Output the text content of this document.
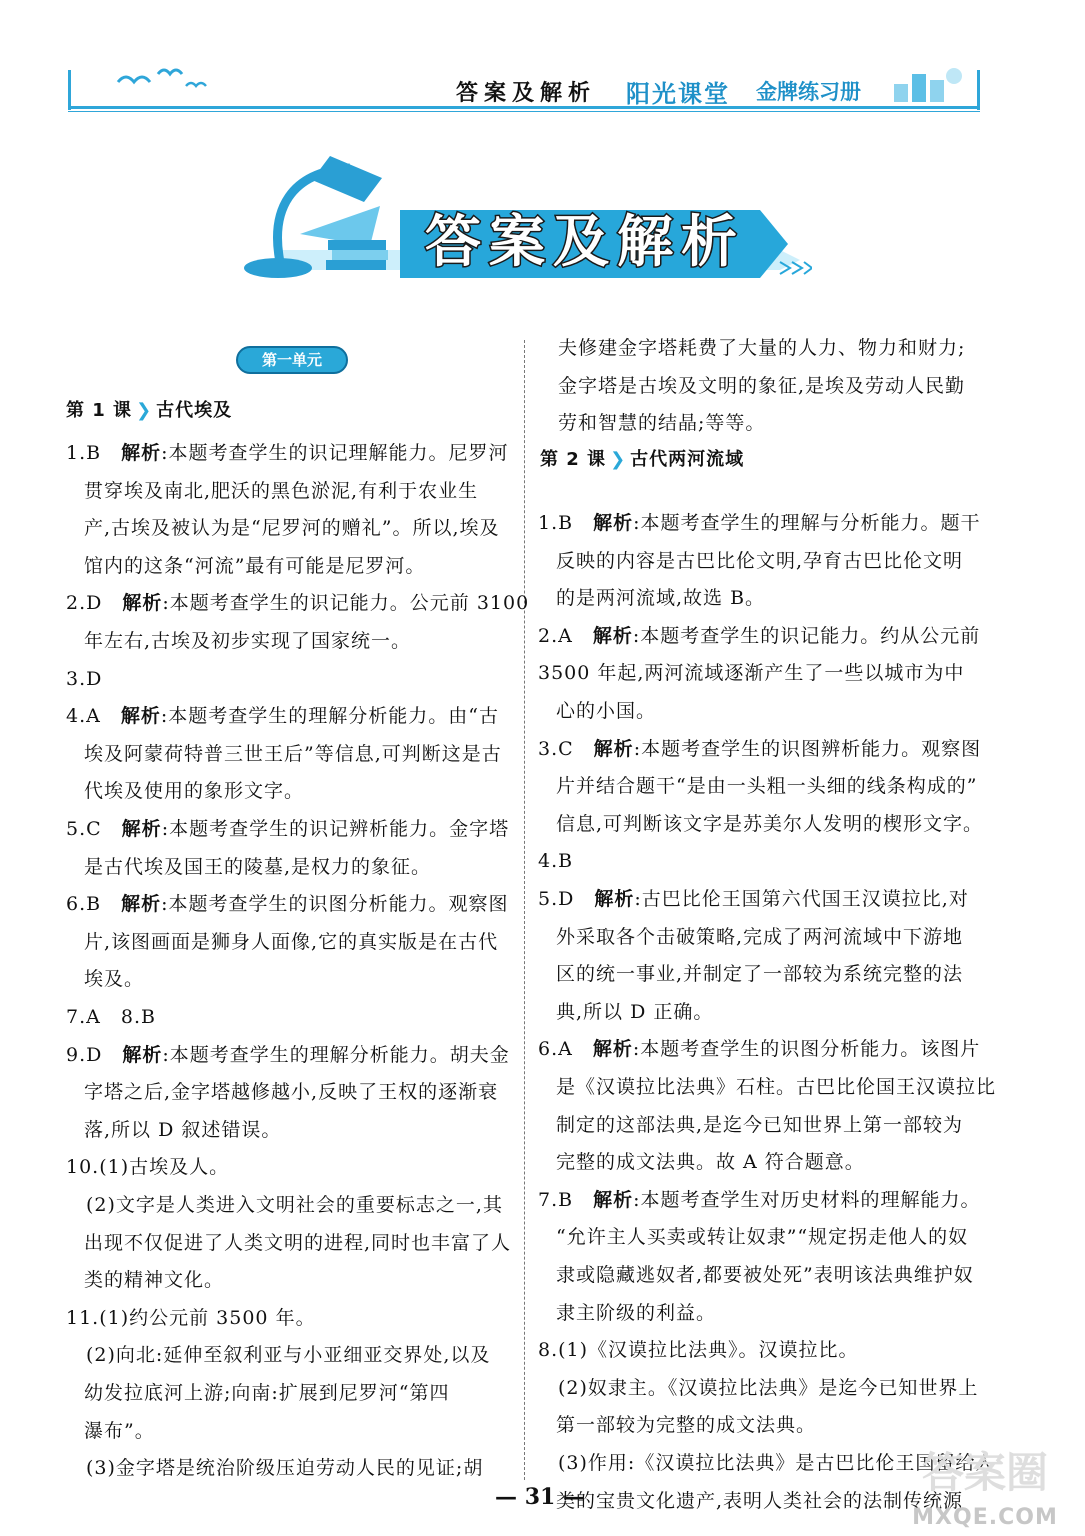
答案及解析 阳光课堂 金牌练习册
答案及解析
第一单元
第 1 课 ❯ 古代埃及
1.B　解析:本题考查学生的识记理解能力。尼罗河
贯穿埃及南北,肥沃的黑色淤泥,有利于农业生
产,古埃及被认为是“尼罗河的赠礼”。所以,埃及
馆内的这条“河流”最有可能是尼罗河。
2.D　解析:本题考查学生的识记能力。公元前 3100
年左右,古埃及初步实现了国家统一。
3.D
4.A　解析:本题考查学生的理解分析能力。由“古
埃及阿蒙荷特普三世王后”等信息,可判断这是古
代埃及使用的象形文字。
5.C　解析:本题考查学生的识记辨析能力。金字塔
是古代埃及国王的陵墓,是权力的象征。
6.B　解析:本题考查学生的识图分析能力。观察图
片,该图画面是狮身人面像,它的真实版是在古代
埃及。
7.A　8.B
9.D　解析:本题考查学生的理解分析能力。胡夫金
字塔之后,金字塔越修越小,反映了王权的逐渐衰
落,所以 D 叙述错误。
10.(1)古埃及人。
　(2)文字是人类进入文明社会的重要标志之一,其
出现不仅促进了人类文明的进程,同时也丰富了人
类的精神文化。
11.(1)约公元前 3500 年。
　(2)向北:延伸至叙利亚与小亚细亚交界处,以及
幼发拉底河上游;向南:扩展到尼罗河“第四
瀑布”。
　(3)金字塔是统治阶级压迫劳动人民的见证;胡
夫修建金字塔耗费了大量的人力、物力和财力;
金字塔是古埃及文明的象征,是埃及劳动人民勤
劳和智慧的结晶;等等。
第 2 课 ❯ 古代两河流域
1.B　解析:本题考查学生的理解与分析能力。题干
反映的内容是古巴比伦文明,孕育古巴比伦文明
的是两河流域,故选 B。
2.A　解析:本题考查学生的识记能力。约从公元前
3500 年起,两河流域逐渐产生了一些以城市为中
心的小国。
3.C　解析:本题考查学生的识图辨析能力。观察图
片并结合题干“是由一头粗一头细的线条构成的”
信息,可判断该文字是苏美尔人发明的楔形文字。
4.B
5.D　解析:古巴比伦王国第六代国王汉谟拉比,对
外采取各个击破策略,完成了两河流域中下游地
区的统一事业,并制定了一部较为系统完整的法
典,所以 D 正确。
6.A　解析:本题考查学生的识图分析能力。该图片
是《汉谟拉比法典》石柱。古巴比伦国王汉谟拉比
制定的这部法典,是迄今已知世界上第一部较为
完整的成文法典。故 A 符合题意。
7.B　解析:本题考查学生对历史材料的理解能力。
“允许主人买卖或转让奴隶”“规定拐走他人的奴
隶或隐藏逃奴者,都要被处死”表明该法典维护奴
隶主阶级的利益。
8.(1)《汉谟拉比法典》。汉谟拉比。
　(2)奴隶主。《汉谟拉比法典》是迄今已知世界上
第一部较为完整的成文法典。
　(3)作用:《汉谟拉比法典》是古巴比伦王国留给人
类的宝贵文化遗产,表明人类社会的法制传统源
— 31 —	答案圈
MXQE.COM
